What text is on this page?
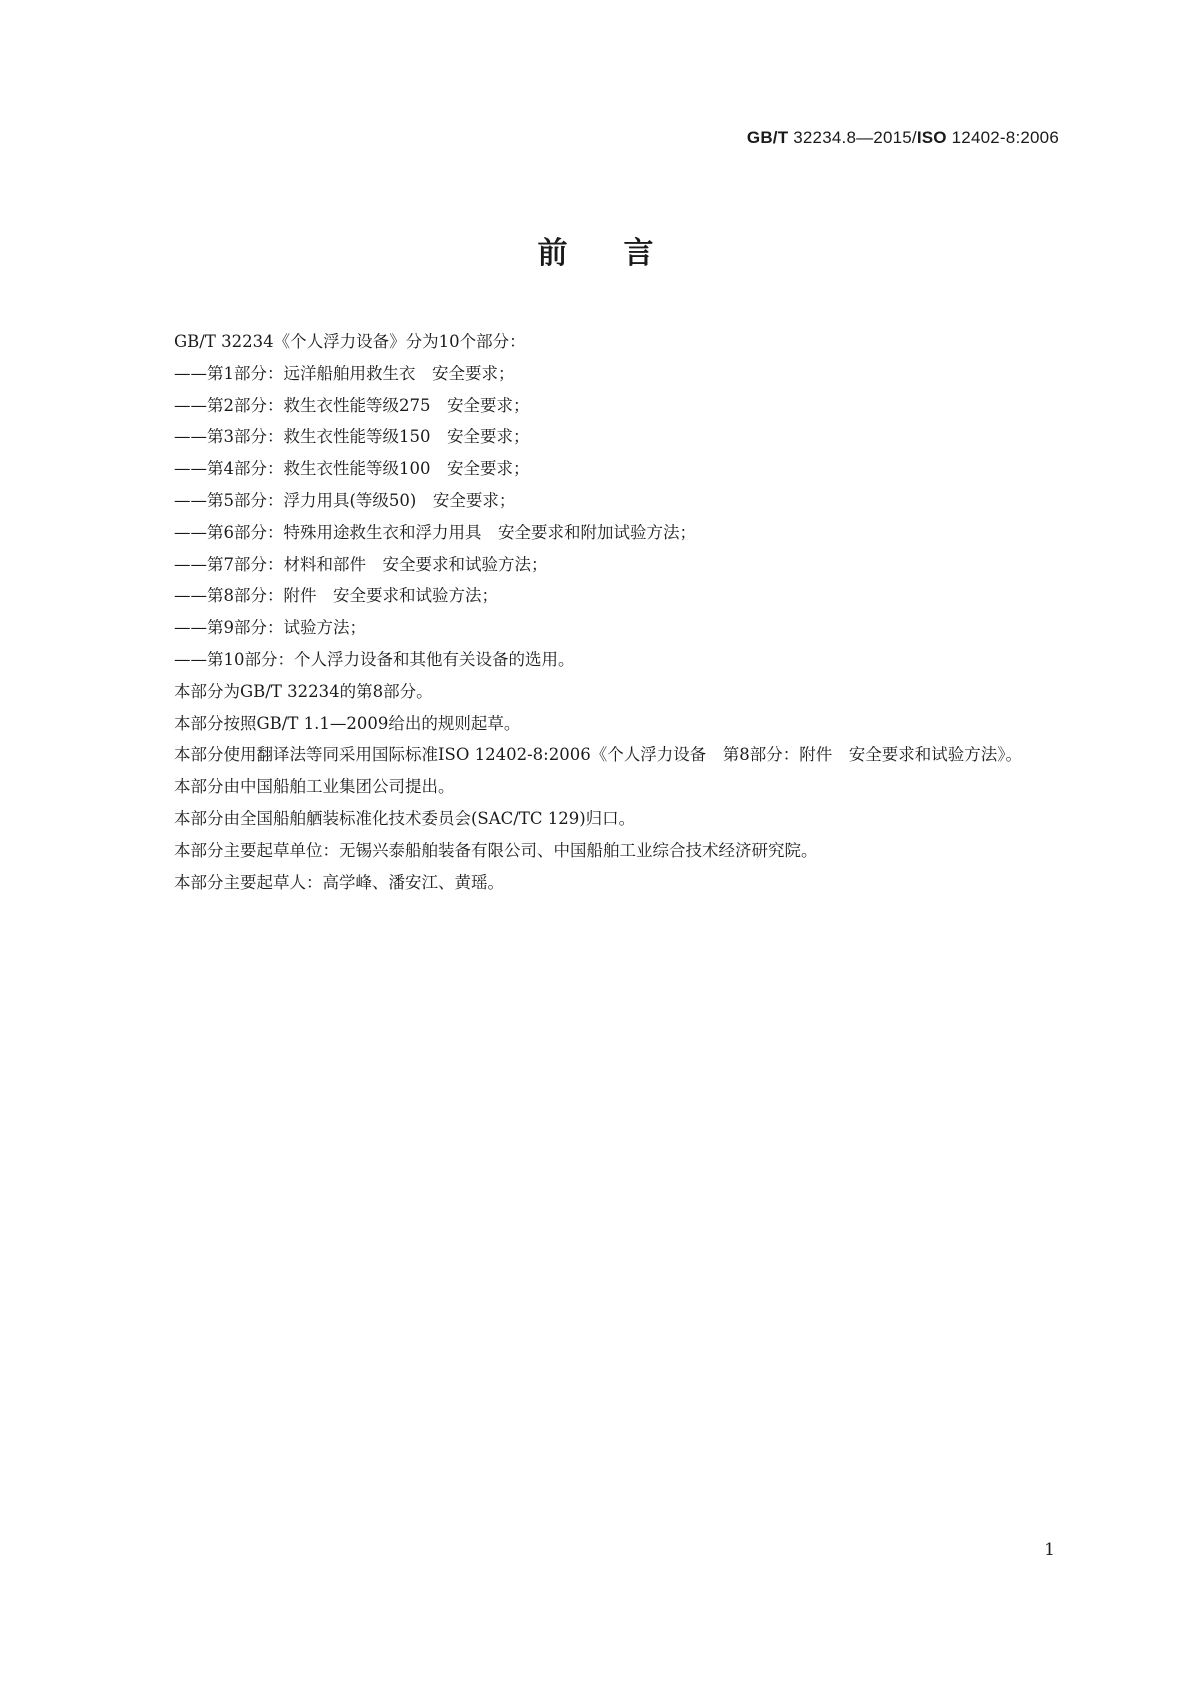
GB/T 32234.8—2015/ISO 12402-8:2006
前言

GB/T 32234《个人浮力设备》分为10个部分：

——第1部分：远洋船舶用救生衣　安全要求；

——第2部分：救生衣性能等级275　安全要求；

——第3部分：救生衣性能等级150　安全要求；

——第4部分：救生衣性能等级100　安全要求；

——第5部分：浮力用具(等级50)　安全要求；

——第6部分：特殊用途救生衣和浮力用具　安全要求和附加试验方法；

——第7部分：材料和部件　安全要求和试验方法；

——第8部分：附件　安全要求和试验方法；

——第9部分：试验方法；

——第10部分：个人浮力设备和其他有关设备的选用。

本部分为GB/T 32234的第8部分。

本部分按照GB/T 1.1—2009给出的规则起草。

本部分使用翻译法等同采用国际标准ISO 12402-8:2006《个人浮力设备　第8部分：附件　安全要求和试验方法》。

本部分由中国船舶工业集团公司提出。

本部分由全国船舶舾装标准化技术委员会(SAC/TC 129)归口。

本部分主要起草单位：无锡兴泰船舶装备有限公司、中国船舶工业综合技术经济研究院。

本部分主要起草人：高学峰、潘安江、黄瑶。

1
